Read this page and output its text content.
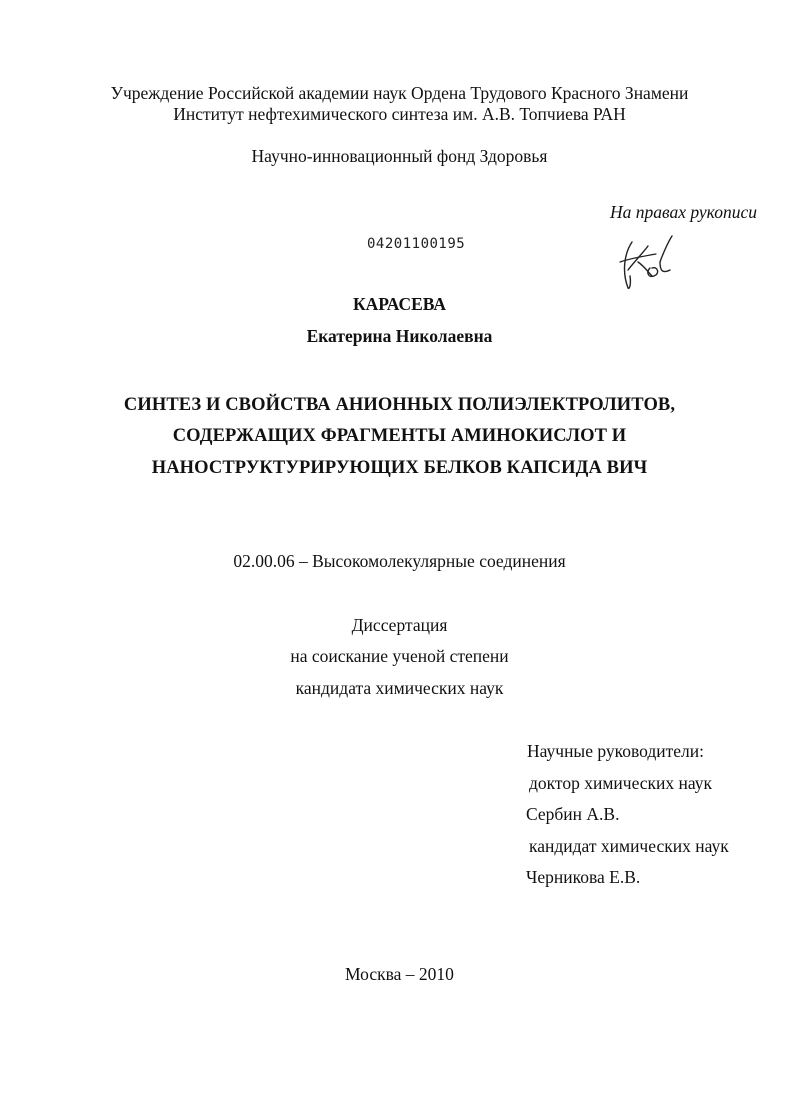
Учреждение Российской академии наук Ордена Трудового Красного Знамени
Институт нефтехимического синтеза им. А.В. Топчиева РАН
Научно-инновационный фонд Здоровья
На правах рукописи
04201100195
КАРАСЕВА
Екатерина Николаевна
СИНТЕЗ И СВОЙСТВА АНИОННЫХ ПОЛИЭЛЕКТРОЛИТОВ,
СОДЕРЖАЩИХ ФРАГМЕНТЫ АМИНОКИСЛОТ И
НАНОСТРУКТУРИРУЮЩИХ БЕЛКОВ КАПСИДА ВИЧ
02.00.06 – Высокомолекулярные соединения
Диссертация
на соискание ученой степени
кандидата химических наук
Научные руководители:
доктор химических наук
Сербин А.В.
кандидат химических наук
Черникова Е.В.
Москва – 2010
